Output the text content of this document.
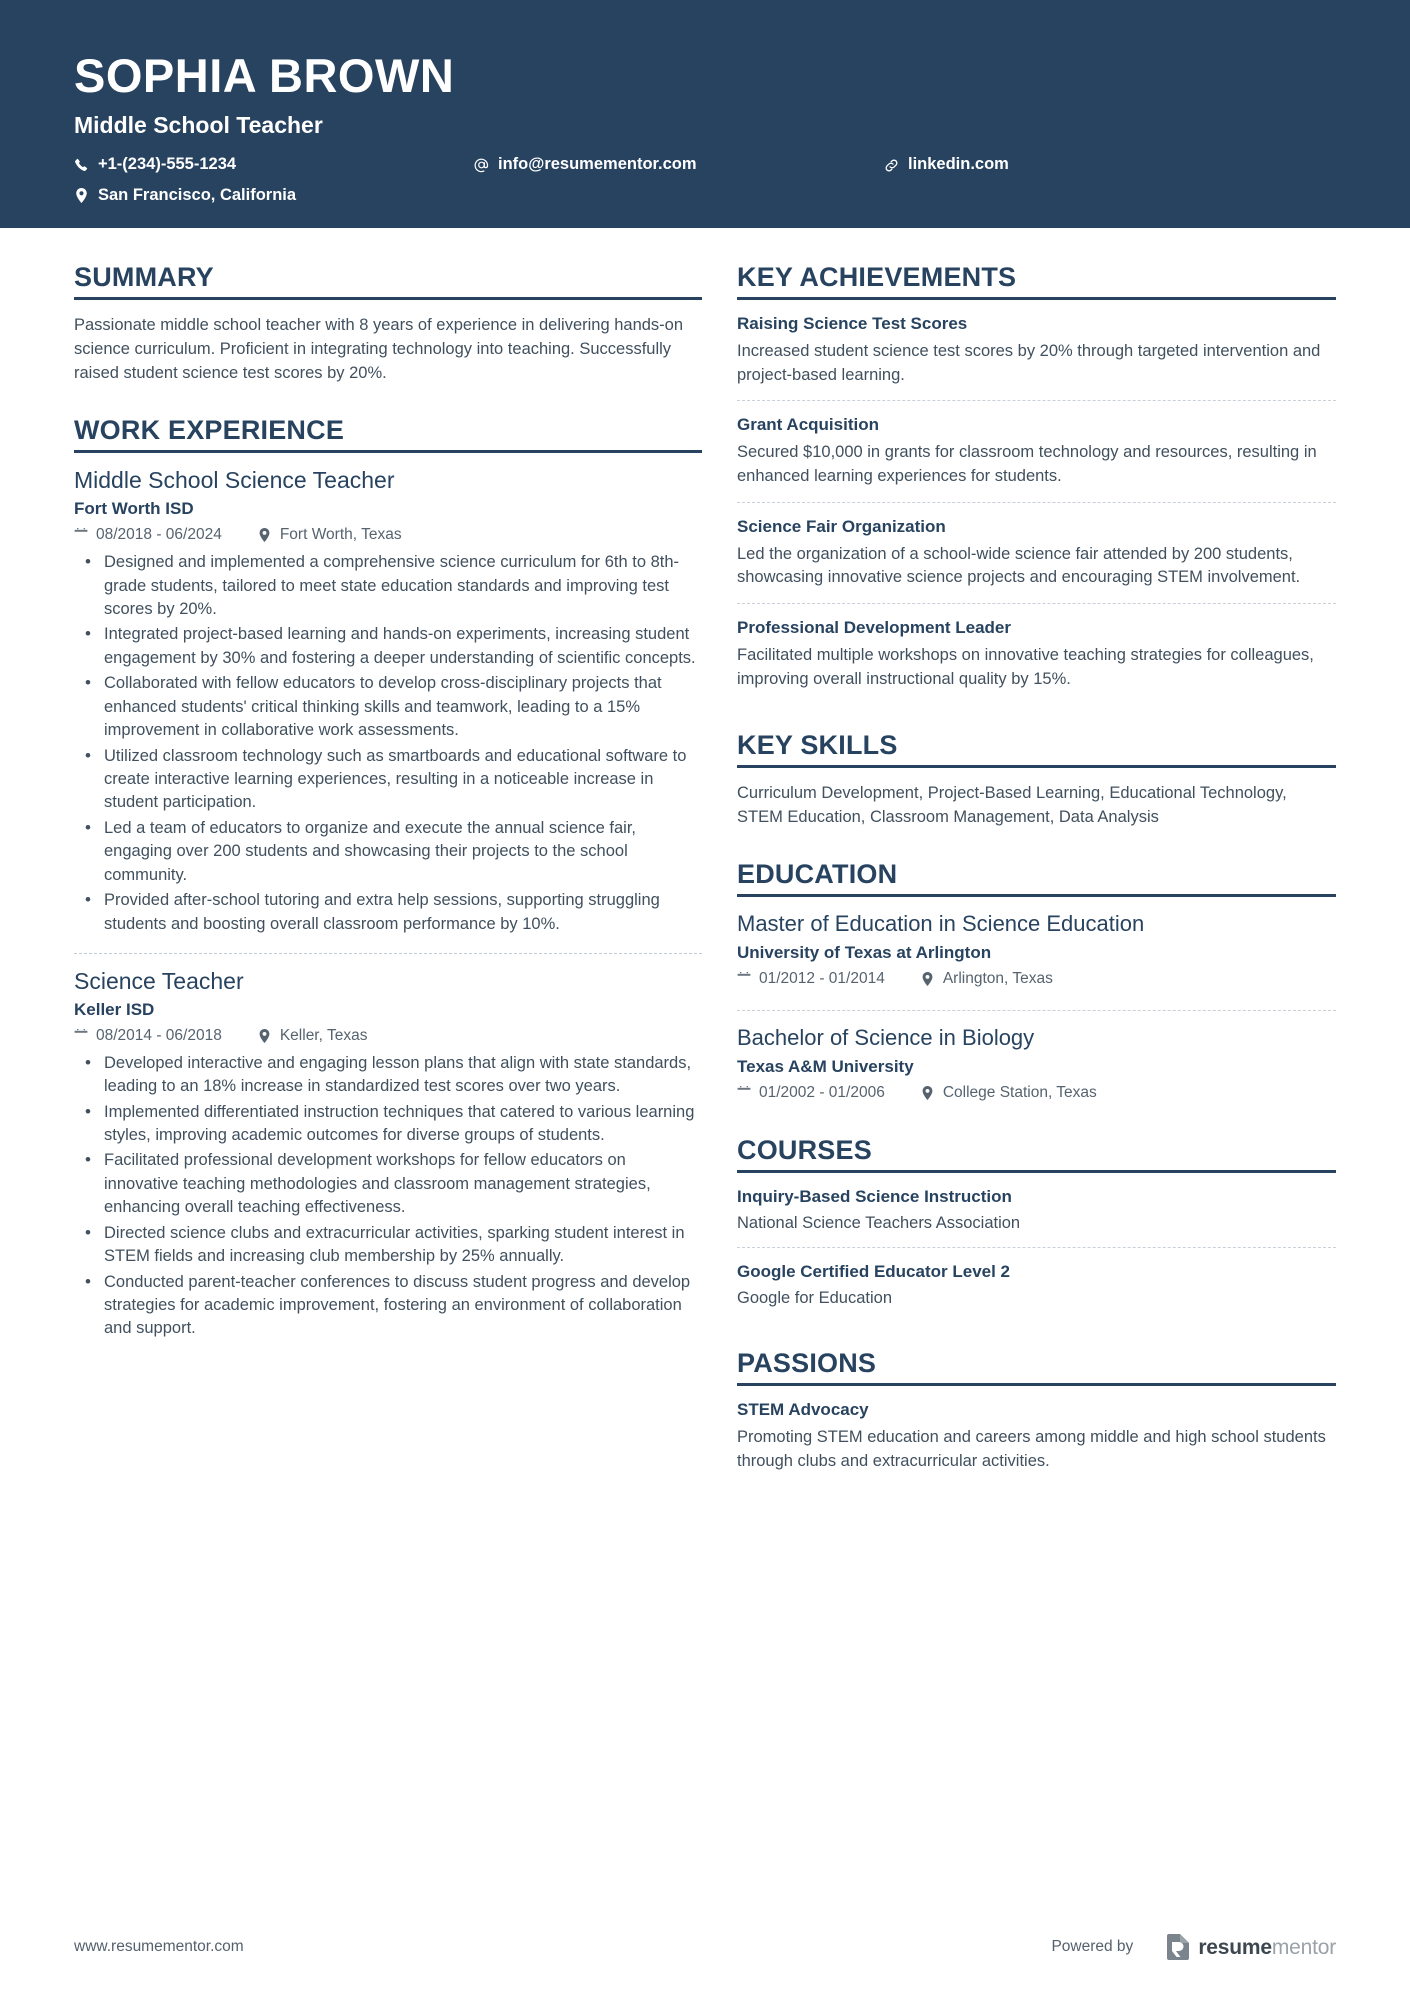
SOPHIA BROWN
Middle School Teacher
+1-(234)-555-1234
San Francisco, California
info@resumementor.com	linkedin.com
SUMMARY

Passionate middle school teacher with 8 years of experience in delivering hands-on science curriculum. Proficient in integrating technology into teaching. Successfully raised student science test scores by 20%.

WORK EXPERIENCE
Middle School Science Teacher
Fort Worth ISD
08/2018 - 06/2024	Fort Worth, Texas
• Designed and implemented a comprehensive science curriculum for 6th to 8th-grade students, tailored to meet state education standards and improving test scores by 20%.
• Integrated project-based learning and hands-on experiments, increasing student engagement by 30% and fostering a deeper understanding of scientific concepts.
• Collaborated with fellow educators to develop cross-disciplinary projects that enhanced students' critical thinking skills and teamwork, leading to a 15% improvement in collaborative work assessments.
• Utilized classroom technology such as smartboards and educational software to create interactive learning experiences, resulting in a noticeable increase in student participation.
• Led a team of educators to organize and execute the annual science fair, engaging over 200 students and showcasing their projects to the school community.
• Provided after-school tutoring and extra help sessions, supporting struggling students and boosting overall classroom performance by 10%.
Science Teacher
Keller ISD
08/2014 - 06/2018	Keller, Texas
• Developed interactive and engaging lesson plans that align with state standards, leading to an 18% increase in standardized test scores over two years.
• Implemented differentiated instruction techniques that catered to various learning styles, improving academic outcomes for diverse groups of students.
• Facilitated professional development workshops for fellow educators on innovative teaching methodologies and classroom management strategies, enhancing overall teaching effectiveness.
• Directed science clubs and extracurricular activities, sparking student interest in STEM fields and increasing club membership by 25% annually.
• Conducted parent-teacher conferences to discuss student progress and develop strategies for academic improvement, fostering an environment of collaboration and support.
KEY ACHIEVEMENTS
Raising Science Test Scores

Increased student science test scores by 20% through targeted intervention and project-based learning.

Grant Acquisition

Secured $10,000 in grants for classroom technology and resources, resulting in enhanced learning experiences for students.

Science Fair Organization

Led the organization of a school-wide science fair attended by 200 students, showcasing innovative science projects and encouraging STEM involvement.

Professional Development Leader

Facilitated multiple workshops on innovative teaching strategies for colleagues, improving overall instructional quality by 15%.

KEY SKILLS

Curriculum Development, Project-Based Learning, Educational Technology, STEM Education, Classroom Management, Data Analysis

EDUCATION
Master of Education in Science Education
University of Texas at Arlington
01/2012 - 01/2014	Arlington, Texas
Bachelor of Science in Biology
Texas A&M University
01/2002 - 01/2006	College Station, Texas
COURSES
Inquiry-Based Science Instruction

National Science Teachers Association

Google Certified Educator Level 2

Google for Education

PASSIONS
STEM Advocacy

Promoting STEM education and careers among middle and high school students through clubs and extracurricular activities.

www.resumementor.com	Powered by	resumementor
